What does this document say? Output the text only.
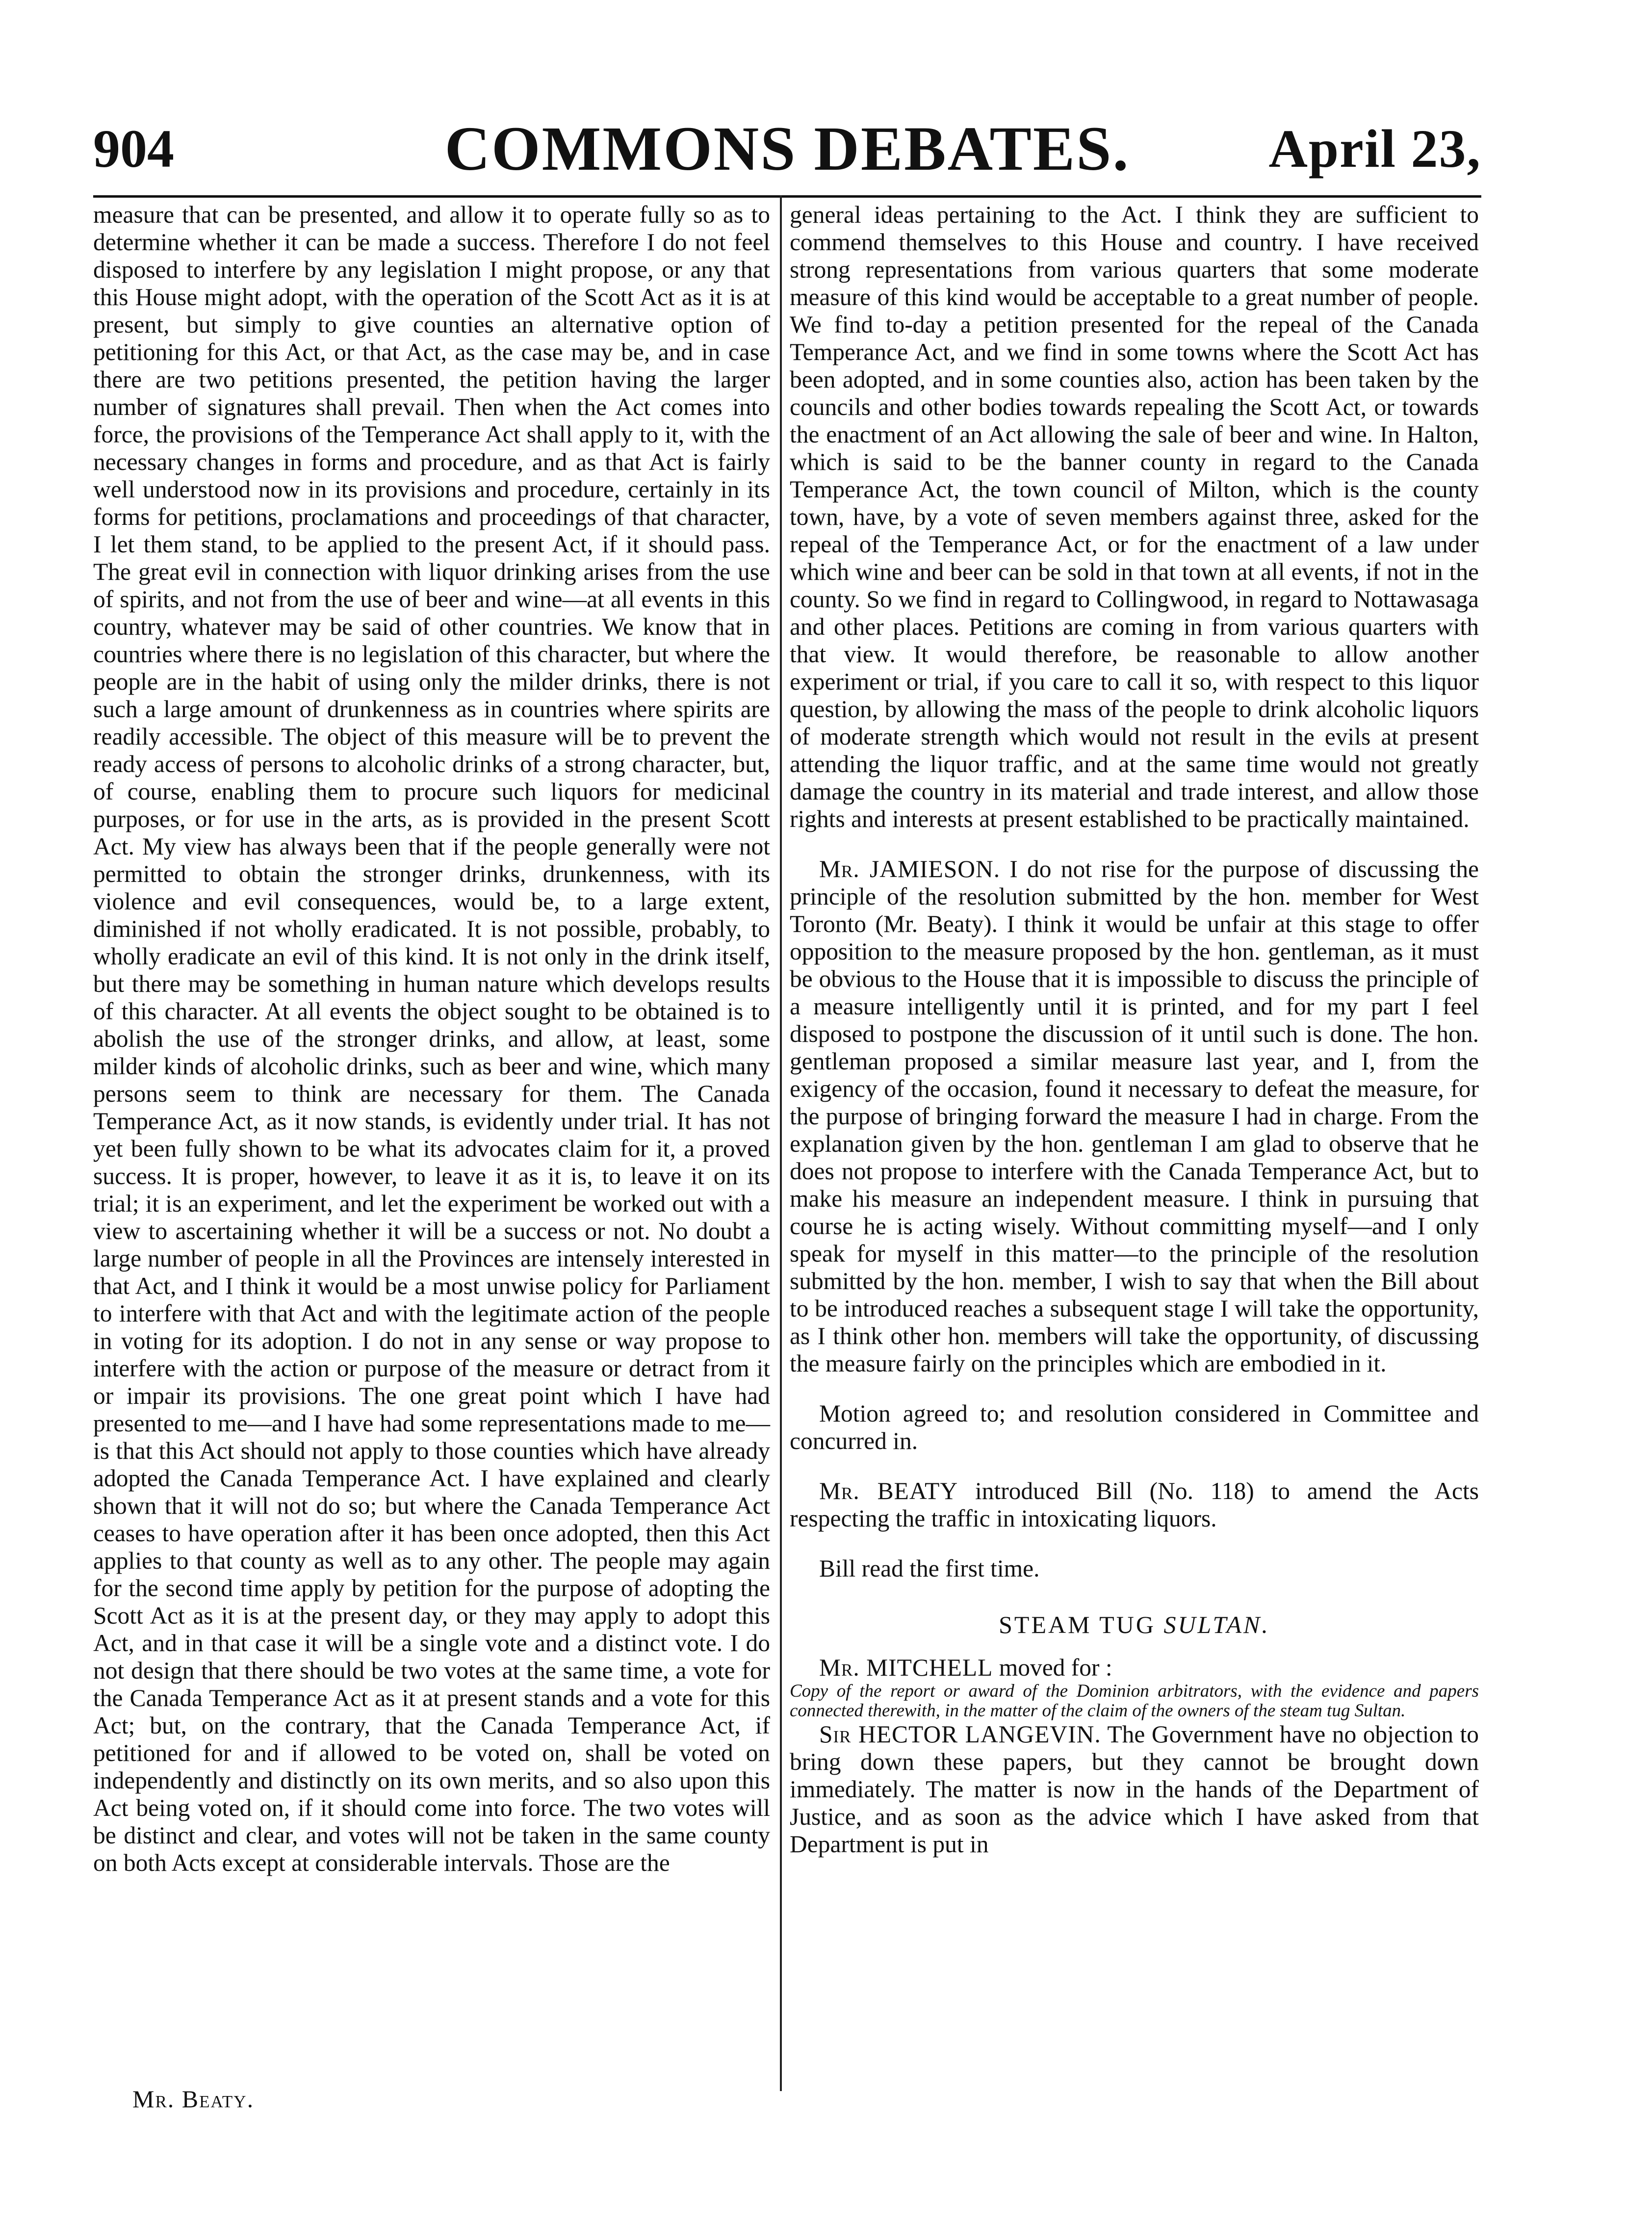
904	COMMONS DEBATES.	April 23,

measure that can be presented, and allow it to operate fully so as to determine whether it can be made a success. Therefore I do not feel disposed to interfere by any legislation I might propose, or any that this House might adopt, with the operation of the Scott Act as it is at present, but simply to give counties an alternative option of petitioning for this Act, or that Act, as the case may be, and in case there are two petitions presented, the petition having the larger number of signatures shall prevail. Then when the Act comes into force, the provisions of the Temperance Act shall apply to it, with the necessary changes in forms and procedure, and as that Act is fairly well understood now in its provisions and procedure, certainly in its forms for petitions, proclamations and proceedings of that character, I let them stand, to be applied to the present Act, if it should pass. The great evil in connection with liquor drinking arises from the use of spirits, and not from the use of beer and wine—at all events in this country, whatever may be said of other countries. We know that in countries where there is no legislation of this character, but where the people are in the habit of using only the milder drinks, there is not such a large amount of drunkenness as in countries where spirits are readily accessible. The object of this measure will be to prevent the ready access of persons to alcoholic drinks of a strong character, but, of course, enabling them to procure such liquors for medicinal purposes, or for use in the arts, as is provided in the present Scott Act. My view has always been that if the people generally were not permitted to obtain the stronger drinks, drunkenness, with its violence and evil consequences, would be, to a large extent, diminished if not wholly eradicated. It is not possible, probably, to wholly eradicate an evil of this kind. It is not only in the drink itself, but there may be something in human nature which develops results of this character. At all events the object sought to be obtained is to abolish the use of the stronger drinks, and allow, at least, some milder kinds of alcoholic drinks, such as beer and wine, which many persons seem to think are necessary for them. The Canada Temperance Act, as it now stands, is evidently under trial. It has not yet been fully shown to be what its advocates claim for it, a proved success. It is proper, however, to leave it as it is, to leave it on its trial; it is an experiment, and let the experiment be worked out with a view to ascertaining whether it will be a success or not. No doubt a large number of people in all the Provinces are intensely interested in that Act, and I think it would be a most unwise policy for Parliament to interfere with that Act and with the legitimate action of the people in voting for its adoption. I do not in any sense or way propose to interfere with the action or purpose of the measure or detract from it or impair its provisions. The one great point which I have had presented to me—and I have had some representations made to me—is that this Act should not apply to those counties which have already adopted the Canada Temperance Act. I have explained and clearly shown that it will not do so; but where the Canada Temperance Act ceases to have operation after it has been once adopted, then this Act applies to that county as well as to any other. The people may again for the second time apply by petition for the purpose of adopting the Scott Act as it is at the present day, or they may apply to adopt this Act, and in that case it will be a single vote and a distinct vote. I do not design that there should be two votes at the same time, a vote for the Canada Temperance Act as it at present stands and a vote for this Act; but, on the contrary, that the Canada Temperance Act, if petitioned for and if allowed to be voted on, shall be voted on independently and distinctly on its own merits, and so also upon this Act being voted on, if it should come into force. The two votes will be distinct and clear, and votes will not be taken in the same county on both Acts except at considerable intervals. Those are the

Mr. Beaty.

general ideas pertaining to the Act. I think they are sufficient to commend themselves to this House and country. I have received strong representations from various quarters that some moderate measure of this kind would be acceptable to a great number of people. We find to-day a petition presented for the repeal of the Canada Temperance Act, and we find in some towns where the Scott Act has been adopted, and in some counties also, action has been taken by the councils and other bodies towards repealing the Scott Act, or towards the enactment of an Act allowing the sale of beer and wine. In Halton, which is said to be the banner county in regard to the Canada Temperance Act, the town council of Milton, which is the county town, have, by a vote of seven members against three, asked for the repeal of the Temperance Act, or for the enactment of a law under which wine and beer can be sold in that town at all events, if not in the county. So we find in regard to Collingwood, in regard to Nottawasaga and other places. Petitions are coming in from various quarters with that view. It would therefore, be reasonable to allow another experiment or trial, if you care to call it so, with respect to this liquor question, by allowing the mass of the people to drink alcoholic liquors of moderate strength which would not result in the evils at present attending the liquor traffic, and at the same time would not greatly damage the country in its material and trade interest, and allow those rights and interests at present established to be practically maintained.

Mr. JAMIESON. I do not rise for the purpose of discussing the principle of the resolution submitted by the hon. member for West Toronto (Mr. Beaty). I think it would be unfair at this stage to offer opposition to the measure proposed by the hon. gentleman, as it must be obvious to the House that it is impossible to discuss the principle of a measure intelligently until it is printed, and for my part I feel disposed to postpone the discussion of it until such is done. The hon. gentleman proposed a similar measure last year, and I, from the exigency of the occasion, found it necessary to defeat the measure, for the purpose of bringing forward the measure I had in charge. From the explanation given by the hon. gentleman I am glad to observe that he does not propose to interfere with the Canada Temperance Act, but to make his measure an independent measure. I think in pursuing that course he is acting wisely. Without committing myself—and I only speak for myself in this matter—to the principle of the resolution submitted by the hon. member, I wish to say that when the Bill about to be introduced reaches a subsequent stage I will take the opportunity, as I think other hon. members will take the opportunity, of discussing the measure fairly on the principles which are embodied in it.

Motion agreed to; and resolution considered in Committee and concurred in.

Mr. BEATY introduced Bill (No. 118) to amend the Acts respecting the traffic in intoxicating liquors.

Bill read the first time.

STEAM TUG SULTAN.

Mr. MITCHELL moved for :

Copy of the report or award of the Dominion arbitrators, with the evidence and papers connected therewith, in the matter of the claim of the owners of the steam tug Sultan.

Sir HECTOR LANGEVIN. The Government have no objection to bring down these papers, but they cannot be brought down immediately. The matter is now in the hands of the Department of Justice, and as soon as the advice which I have asked from that Department is put in
